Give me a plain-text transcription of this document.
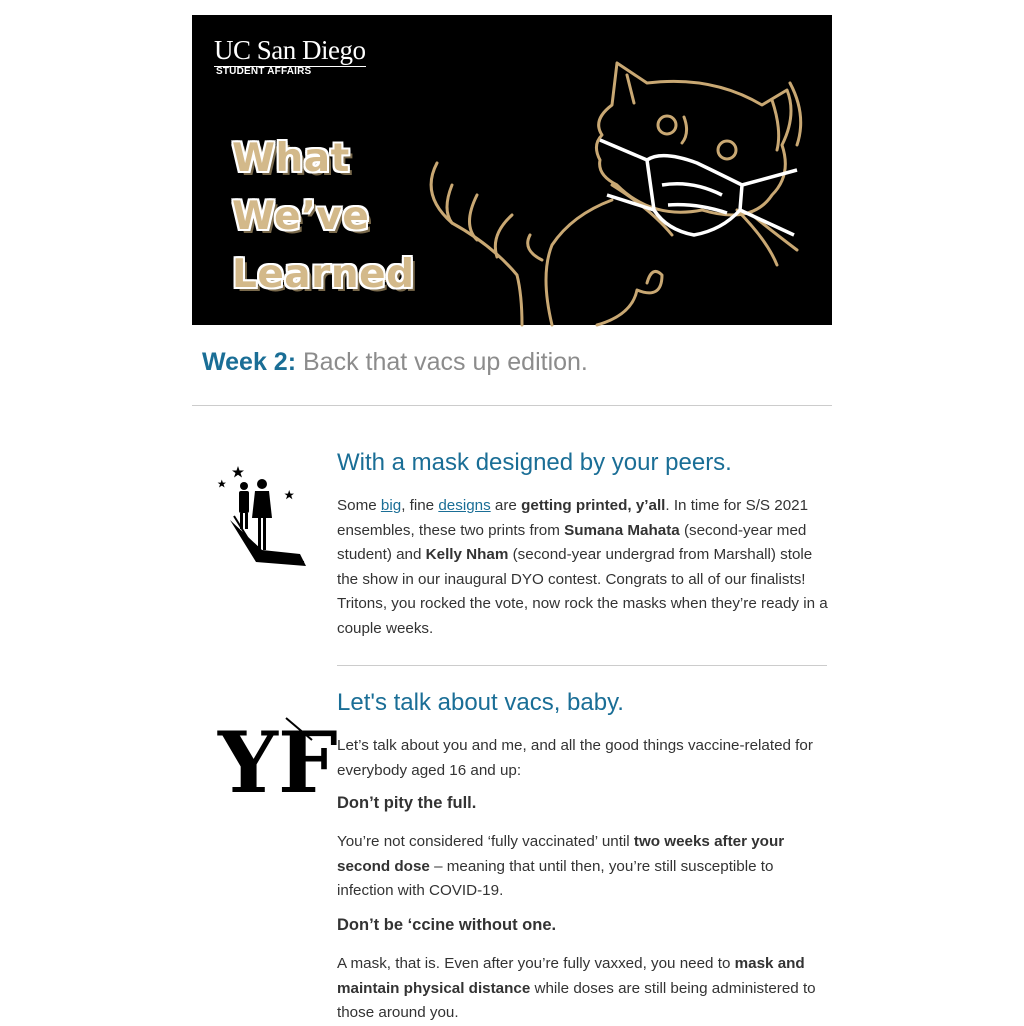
UC San Diego
STUDENT AFFAIRS
What
We’ve
Learned
Week 2: Back that vacs up edition.
With a mask designed by your peers.
Some big, fine designs are getting printed, y’all. In time for S/S 2021 ensembles, these two prints from Sumana Mahata (second-year med student) and Kelly Nham (second-year undergrad from Marshall) stole the show in our inaugural DYO contest. Congrats to all of our finalists! Tritons, you rocked the vote, now rock the masks when they’re ready in a couple weeks.
YF
Let's talk about vacs, baby.
Let’s talk about you and me, and all the good things vaccine-related for everybody aged 16 and up:
Don’t pity the full.
You’re not considered ‘fully vaccinated’ until two weeks after your second dose – meaning that until then, you’re still susceptible to infection with COVID-19.
Don’t be ‘ccine without one.
A mask, that is. Even after you’re fully vaxxed, you need to mask and maintain physical distance while doses are still being administered to those around you.
